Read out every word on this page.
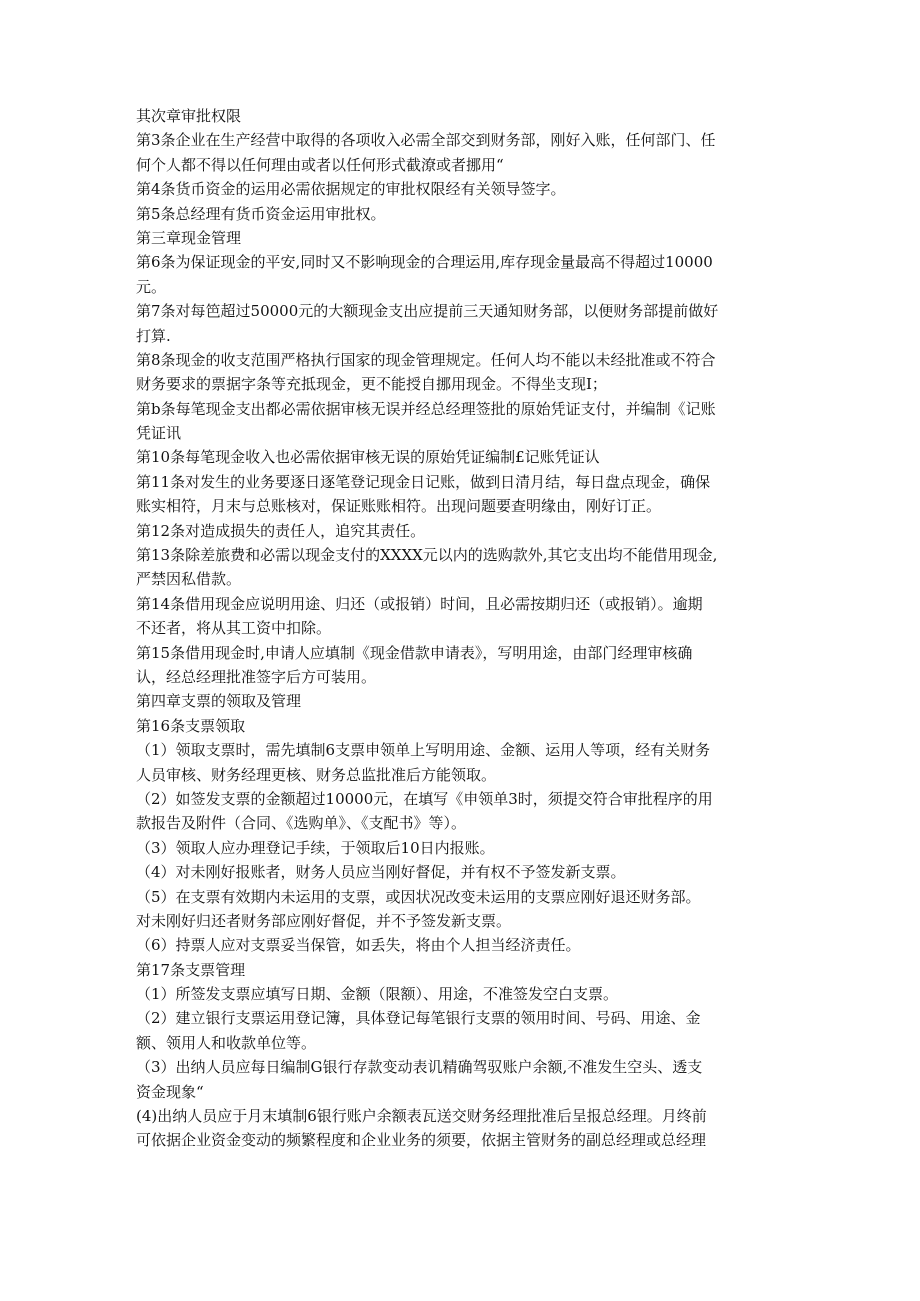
其次章审批权限
第3条企业在生产经营中取得的各项收入必需全部交到财务部，刚好入账，任何部门、任
何个人都不得以任何理由或者以任何形式截潦或者挪用“
第4条货币资金的运用必需依据规定的审批权限经有关领导签字。
第5条总经理有货币资金运用审批权。
第三章现金管理
第6条为保证现金的平安,同时又不影响现金的合理运用,库存现金量最高不得超过10000
元。
第7条对每笆超过50000元的大额现金支出应提前三天通知财务部，以便财务部提前做好
打算.
第8条现金的收支范围严格执行国家的现金管理规定。任何人均不能以未经批准或不符合
财务要求的票据字条等充抵现金，更不能授自挪用现金。不得坐支现I；
第b条每笔现金支出都必需依据审核无误并经总经理签批的原始凭证支付，并编制《记账
凭证讯
第10条每笔现金收入也必需依据审核无误的原始凭证编制£记账凭证认
第11条对发生的业务要逐日逐笔登记现金日记账，做到日清月结，每日盘点现金，确保
账实相符，月末与总账核对，保证账账相符。出现问题要查明缘由，刚好订正。
第12条对造成损失的责任人，追究其责任。
第13条除差旅费和必需以现金支付的XXXX元以内的选购款外,其它支出均不能借用现金,
严禁因私借款。
第14条借用现金应说明用途、归还（或报销）时间，且必需按期归还（或报销）。逾期
不还者，将从其工资中扣除。
第15条借用现金时,申请人应填制《现金借款申请表》，写明用途，由部门经理审核确
认，经总经理批准签字后方可装用。
第四章支票的领取及管理
第16条支票领取
（1）领取支票时，需先填制6支票申领单上写明用途、金额、运用人等项，经有关财务
人员审核、财务经理更核、财务总监批准后方能领取。
（2）如签发支票的金额超过10000元，在填写《申领单3时，须提交符合审批程序的用
款报告及附件（合同、《选购单》、《支配书》等）。
（3）领取人应办理登记手续，于领取后10日内报账。
（4）对未刚好报账者，财务人员应当刚好督促，并有权不予签发新支票。
（5）在支票有效期内未运用的支票，或因状况改变未运用的支票应刚好退还财务部。
对未刚好归还者财务部应刚好督促，并不予签发新支票。
（6）持票人应对支票妥当保管，如丢失，将由个人担当经济责任。
第17条支票管理
（1）所签发支票应填写日期、金额（限额）、用途，不准签发空白支票。
（2）建立银行支票运用登记簿，具体登记每笔银行支票的领用时间、号码、用途、金
额、领用人和收款单位等。
（3）出纳人员应每日编制G银行存款变动表讥精确驾驭账户余额,不准发生空头、透支
资金现象“
(4)出纳人员应于月末填制6银行账户余额表瓦送交财务经理批准后呈报总经理。月终前
可依据企业资金变动的频繁程度和企业业务的须要，依据主管财务的副总经理或总经理
